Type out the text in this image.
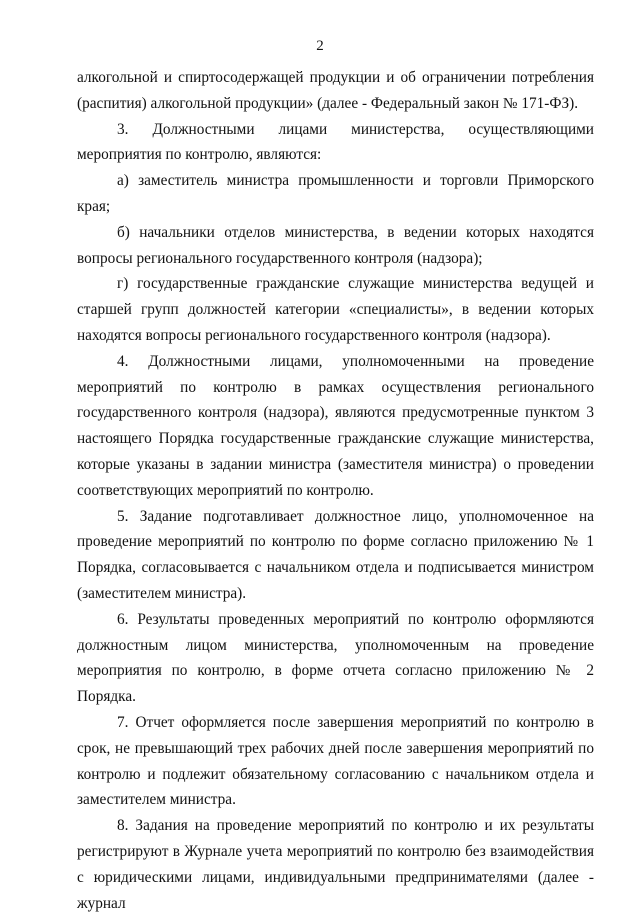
2

алкогольной и спиртосодержащей продукции и об ограничении потребления (распития) алкогольной продукции» (далее - Федеральный закон № 171-ФЗ).

3. Должностными лицами министерства, осуществляющими мероприятия по контролю, являются:

а) заместитель министра промышленности и торговли Приморского края;

б) начальники отделов министерства, в ведении которых находятся вопросы регионального государственного контроля (надзора);

г) государственные гражданские служащие министерства ведущей и старшей групп должностей категории «специалисты», в ведении которых находятся вопросы регионального государственного контроля (надзора).

4. Должностными лицами, уполномоченными на проведение мероприятий по контролю в рамках осуществления регионального государственного контроля (надзора), являются предусмотренные пунктом 3 настоящего Порядка государственные гражданские служащие министерства, которые указаны в задании министра (заместителя министра) о проведении соответствующих мероприятий по контролю.

5. Задание подготавливает должностное лицо, уполномоченное на проведение мероприятий по контролю по форме согласно приложению № 1 Порядка, согласовывается с начальником отдела и подписывается министром (заместителем министра).

6. Результаты проведенных мероприятий по контролю оформляются должностным лицом министерства, уполномоченным на проведение мероприятия по контролю, в форме отчета согласно приложению № 2 Порядка.

7. Отчет оформляется после завершения мероприятий по контролю в срок, не превышающий трех рабочих дней после завершения мероприятий по контролю и подлежит обязательному согласованию с начальником отдела и заместителем министра.

8. Задания на проведение мероприятий по контролю и их результаты регистрируют в Журнале учета мероприятий по контролю без взаимодействия с юридическими лицами, индивидуальными предпринимателями (далее - журнал
